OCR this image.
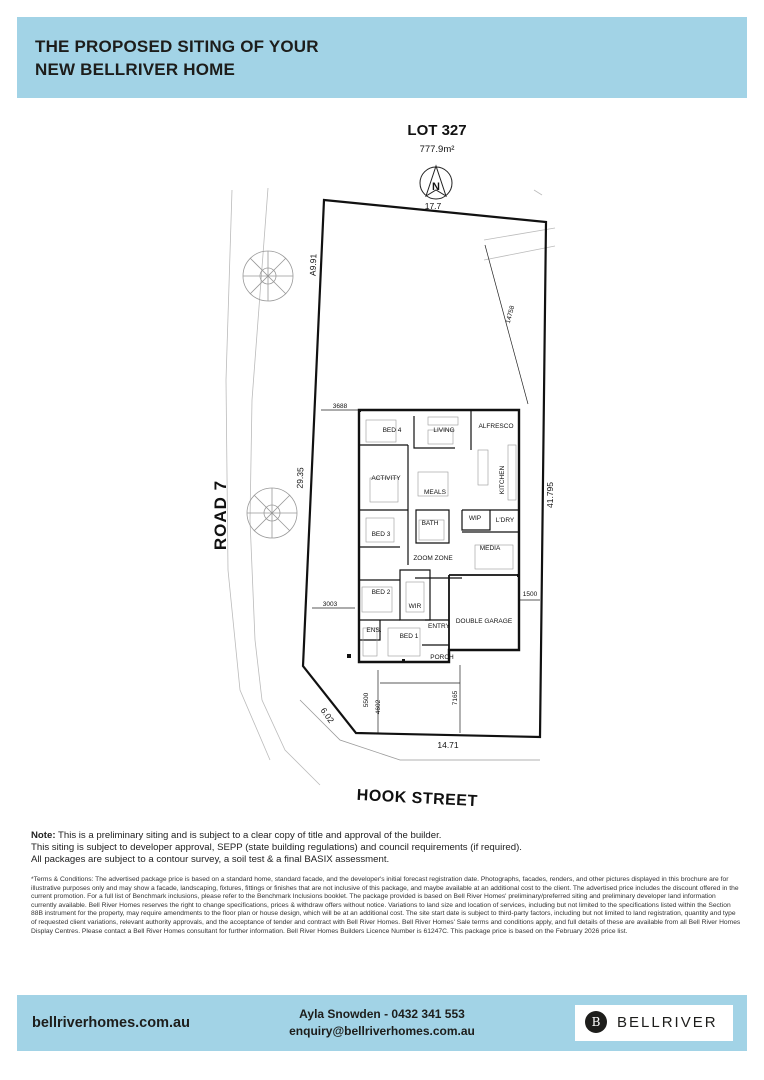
THE PROPOSED SITING OF YOUR
NEW BELLRIVER HOME
LOT 327
777.9m²
N
17.7
A9.91
29.35
41.795
14.71
6.02
14758
3688
3003
1500
5500 4602
7165
BED 4	LIVING
ALFRESCO
ACTIVITY
MEALS	KITCHEN
BATH
WIP L'DRY
BED 3
ZOOM ZONE
MEDIA
BED 2
WIR
ENS.
BED 1
ENTRY
DOUBLE GARAGE
PORCH
ROAD 7
HOOK STREET
Note: This is a preliminary siting and is subject to a clear copy of title and approval of the builder.
This siting is subject to developer approval, SEPP (state building regulations) and council requirements (if required).
All packages are subject to a contour survey, a soil test & a final BASIX assessment.
*Terms & Conditions: The advertised package price is based on a standard home, standard facade, and the developer's initial forecast registration date. Photographs, facades, renders, and other pictures displayed in this brochure are for illustrative purposes only and may show a facade, landscaping, fixtures, fittings or finishes that are not inclusive of this package, and maybe available at an additional cost to the client. The advertised price includes the discount offered in the current promotion. For a full list of Benchmark inclusions, please refer to the Benchmark Inclusions booklet. The package provided is based on Bell River Homes' preliminary/preferred siting and preliminary developer land information currently available. Bell River Homes reserves the right to change specifications, prices & withdraw offers without notice. Variations to land size and location of services, including but not limited to the specifications listed within the Section 88B instrument for the property, may require amendments to the floor plan or house design, which will be at an additional cost. The site start date is subject to third-party factors, including but not limited to land registration, quantity and type of requested client variations, relevant authority approvals, and the acceptance of tender and contract with Bell River Homes. Bell River Homes' Sale terms and conditions apply, and full details of these are available from all Bell River Homes Display Centres. Please contact a Bell River Homes consultant for further information. Bell River Homes Builders Licence Number is 61247C. This package price is based on the February 2026 price list.
bellriverhomes.com.au
Ayla Snowden - 0432 341 553
enquiry@bellriverhomes.com.au
B	BELLRIVER
